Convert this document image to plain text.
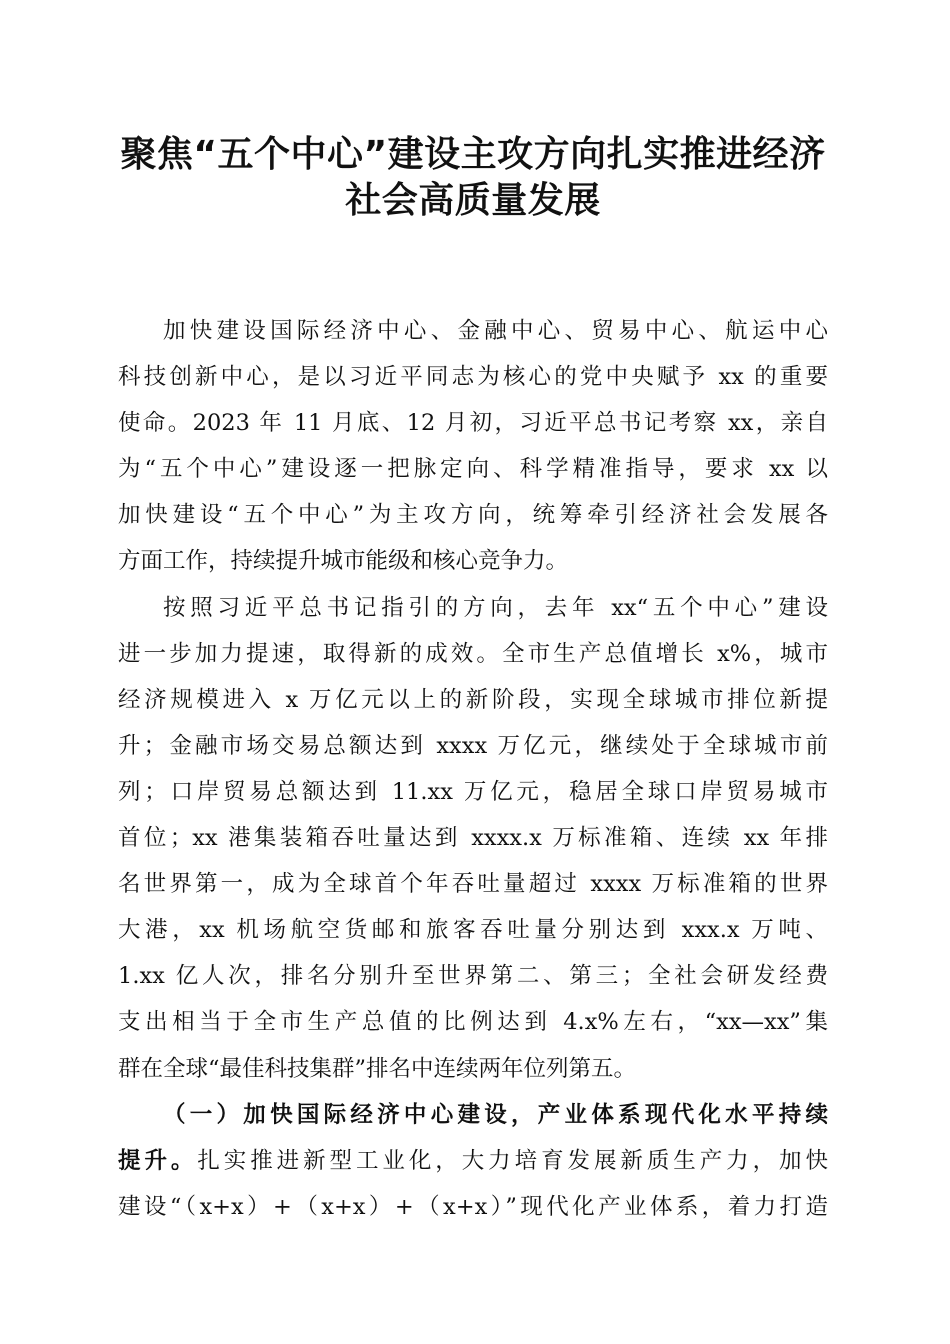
聚焦“五个中心”建设主攻方向扎实推进经济
社会高质量发展
加快建设国际经济中心、金融中心、贸易中心、航运中心
科技创新中心，是以习近平同志为核心的党中央赋予 xx 的重要
使命。2023 年 11 月底、12 月初，习近平总书记考察 xx，亲自
为“五个中心”建设逐一把脉定向、科学精准指导，要求 xx 以
加快建设“五个中心”为主攻方向，统筹牵引经济社会发展各
方面工作，持续提升城市能级和核心竞争力。
按照习近平总书记指引的方向，去年 xx“五个中心”建设
进一步加力提速，取得新的成效。全市生产总值增长 x%，城市
经济规模进入 x 万亿元以上的新阶段，实现全球城市排位新提
升；金融市场交易总额达到 xxxx 万亿元，继续处于全球城市前
列；口岸贸易总额达到 11.xx 万亿元，稳居全球口岸贸易城市
首位；xx 港集装箱吞吐量达到 xxxx.x 万标准箱、连续 xx 年排
名世界第一，成为全球首个年吞吐量超过 xxxx 万标准箱的世界
大港，xx 机场航空货邮和旅客吞吐量分别达到 xxx.x 万吨、
1.xx 亿人次，排名分别升至世界第二、第三；全社会研发经费
支出相当于全市生产总值的比例达到 4.x%左右，“xx—xx”集
群在全球“最佳科技集群”排名中连续两年位列第五。
（一）加快国际经济中心建设，产业体系现代化水平持续
提升。扎实推进新型工业化，大力培育发展新质生产力，加快
建设“（x+x）+（x+x）+（x+x）”现代化产业体系，着力打造
